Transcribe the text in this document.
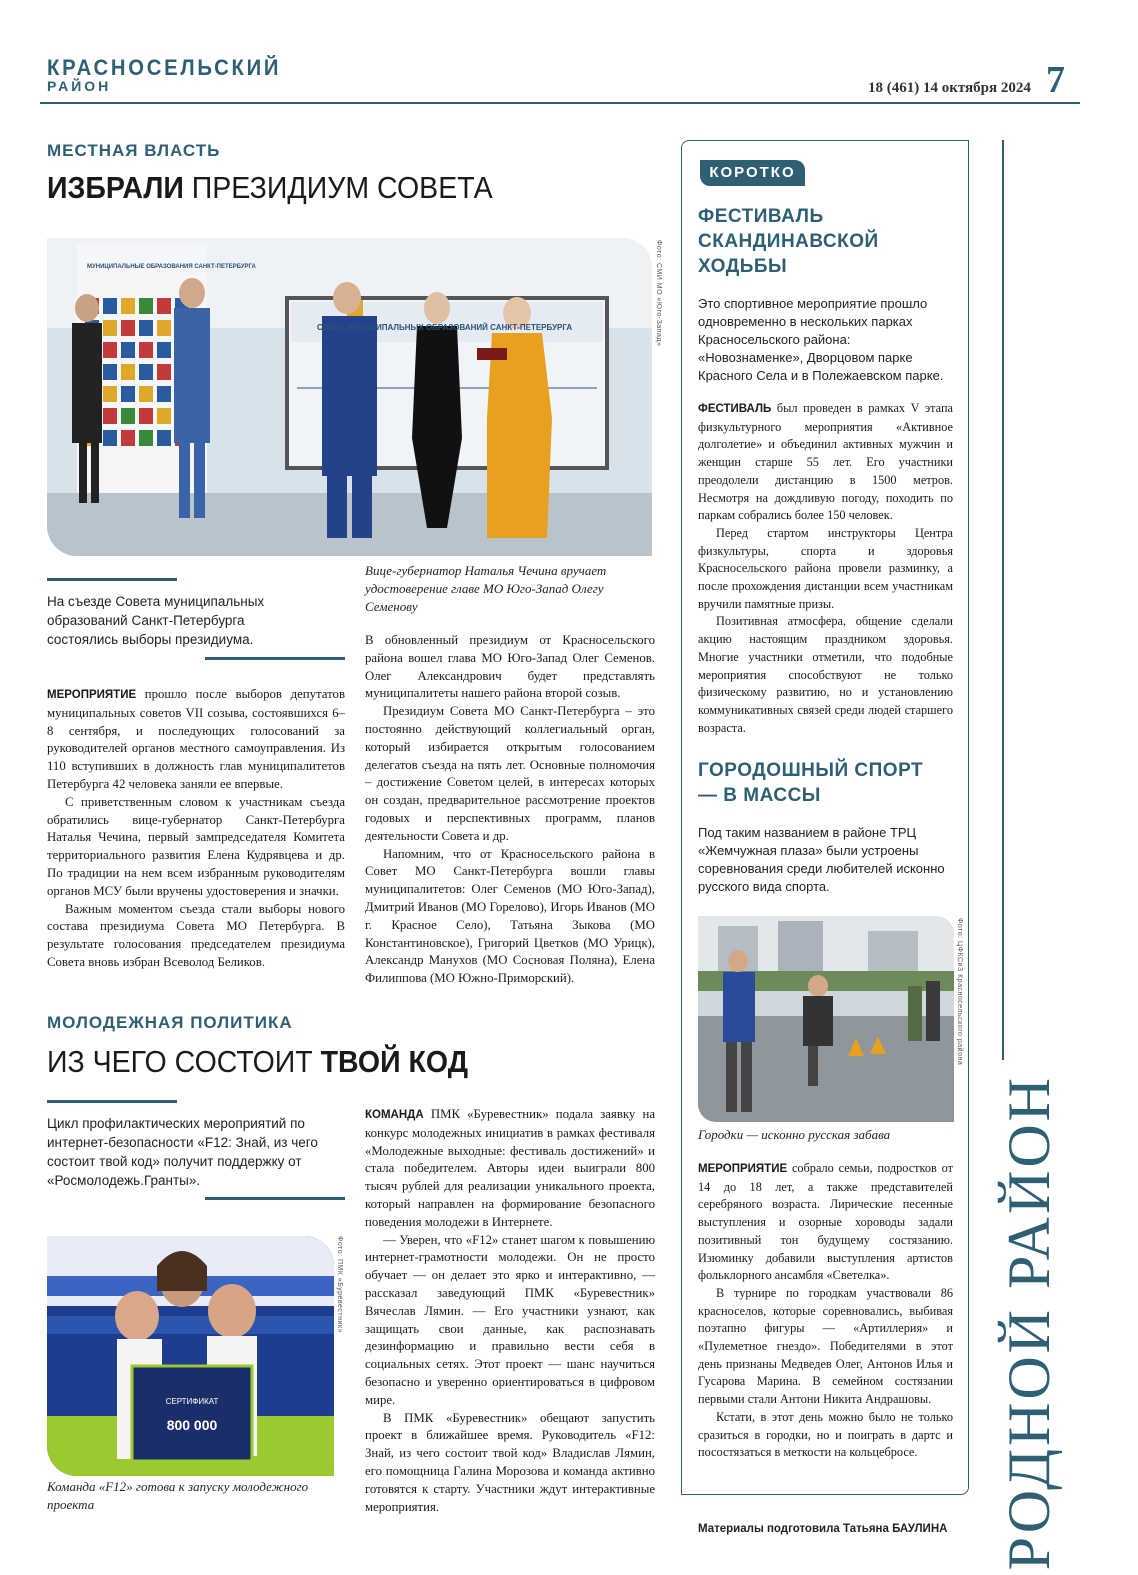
КРАСНОСЕЛЬСКИЙ
РАЙОН	18 (461) 14 октября 2024 7
МЕСТНАЯ ВЛАСТЬ
ИЗБРАЛИ ПРЕЗИДИУМ СОВЕТА
СОВЕТ МУНИЦИПАЛЬНЫХ ОБРАЗОВАНИЙ САНКТ-ПЕТЕРБУРГА
МУНИЦИПАЛЬНЫЕ ОБРАЗОВАНИЯ САНКТ-ПЕТЕРБУРГА	Фото: СМИ МО «Юго-Запад»
На съезде Совета муниципальных образований Санкт-Петербурга состоялись выборы президиума.
Вице-губернатор Наталья Чечина вручает удостоверение главе МО Юго-Запад Олегу Семенову

МЕРОПРИЯТИЕ прошло после выборов депутатов муниципальных советов VII созыва, состоявшихся 6–8 сентября, и последующих голосований за руководителей органов местного самоуправления. Из 110 вступивших в должность глав муниципалитетов Петербурга 42 человека заняли ее впервые.

С приветственным словом к участникам съезда обратились вице-губернатор Санкт-Петербурга Наталья Чечина, первый зампредседателя Комитета территориального развития Елена Кудрявцева и др. По традиции на нем всем избранным руководителям органов МСУ были вручены удостоверения и значки.

Важным моментом съезда стали выборы нового состава президиума Совета МО Петербурга. В результате голосования председателем президиума Совета вновь избран Всеволод Беликов.

В обновленный президиум от Красносельского района вошел глава МО Юго-Запад Олег Семенов. Олег Александрович будет представлять муниципалитеты нашего района второй созыв.

Президиум Совета МО Санкт-Петербурга – это постоянно действующий коллегиальный орган, который избирается открытым голосованием делегатов съезда на пять лет. Основные полномочия – достижение Советом целей, в интересах которых он создан, предварительное рассмотрение проектов годовых и перспективных программ, планов деятельности Совета и др.

Напомним, что от Красносельского района в Совет МО Санкт-Петербурга вошли главы муниципалитетов: Олег Семенов (МО Юго-Запад), Дмитрий Иванов (МО Горелово), Игорь Иванов (МО г. Красное Село), Татьяна Зыкова (МО Константиновское), Григорий Цветков (МО Урицк), Александр Манухов (МО Сосновая Поляна), Елена Филиппова (МО Южно-Приморский).

МОЛОДЕЖНАЯ ПОЛИТИКА
ИЗ ЧЕГО СОСТОИТ ТВОЙ КОД
Цикл профилактических мероприятий по интернет-безопасности «F12: Знай, из чего состоит твой код» получит поддержку от «Росмолодежь.Гранты».
СЕРТИФИКАТ
800 000
Фото: ПМК «Буревестник»
Команда «F12» готова к запуску молодежного проекта

КОМАНДА ПМК «Буревестник» подала заявку на конкурс молодежных инициатив в рамках фестиваля «Молодежные выходные: фестиваль достижений» и стала победителем. Авторы идеи выиграли 800 тысяч рублей для реализации уникального проекта, который направлен на формирование безопасного поведения молодежи в Интернете.

— Уверен, что «F12» станет шагом к повышению интернет-грамотности молодежи. Он не просто обучает — он делает это ярко и интерактивно, — рассказал заведующий ПМК «Буревестник» Вячеслав Лямин. — Его участники узнают, как защищать свои данные, как распознавать дезинформацию и правильно вести себя в социальных сетях. Этот проект — шанс научиться безопасно и уверенно ориентироваться в цифровом мире.

В ПМК «Буревестник» обещают запустить проект в ближайшее время. Руководитель «F12: Знай, из чего состоит твой код» Владислав Лямин, его помощница Галина Морозова и команда активно готовятся к старту. Участники ждут интерактивные мероприятия.

КОРОТКО
ФЕСТИВАЛЬ СКАНДИНАВСКОЙ ХОДЬБЫ
Это спортивное мероприятие прошло одновременно в нескольких парках Красносельского района: «Новознаменке», Дворцовом парке Красного Села и в Полежаевском парке.

ФЕСТИВАЛЬ был проведен в рамках V этапа физкультурного мероприятия «Активное долголетие» и объединил активных мужчин и женщин старше 55 лет. Его участники преодолели дистанцию в 1500 метров. Несмотря на дождливую погоду, походить по паркам собрались более 150 человек.

Перед стартом инструкторы Центра физкультуры, спорта и здоровья Красносельского района провели разминку, а после прохождения дистанции всем участникам вручили памятные призы.

Позитивная атмосфера, общение сделали акцию настоящим праздником здоровья. Многие участники отметили, что подобные мероприятия способствуют не только физическому развитию, но и установлению коммуникативных связей среди людей старшего возраста.

ГОРОДОШНЫЙ СПОРТ — В МАССЫ
Под таким названием в районе ТРЦ «Жемчужная плаза» были устроены соревнования среди любителей исконно русского вида спорта.
Фото: ЦФКСиЗ Красносельского района
Городки — исконно русская забава

МЕРОПРИЯТИЕ собрало семьи, подростков от 14 до 18 лет, а также представителей серебряного возраста. Лирические песенные выступления и озорные хороводы задали позитивный тон будущему состязанию. Изюминку добавили выступления артистов фольклорного ансамбля «Светелка».

В турнире по городкам участвовали 86 красноселов, которые соревновались, выбивая поэтапно фигуры — «Артиллерия» и «Пулеметное гнездо». Победителями в этот день признаны Медведев Олег, Антонов Илья и Гусарова Марина. В семейном состязании первыми стали Антони Никита Андрашовы.

Кстати, в этот день можно было не только сразиться в городки, но и поиграть в дартс и посостязаться в меткости на кольцебросе.

Материалы подготовила Татьяна БАУЛИНА РОДНОЙ РАЙОН
